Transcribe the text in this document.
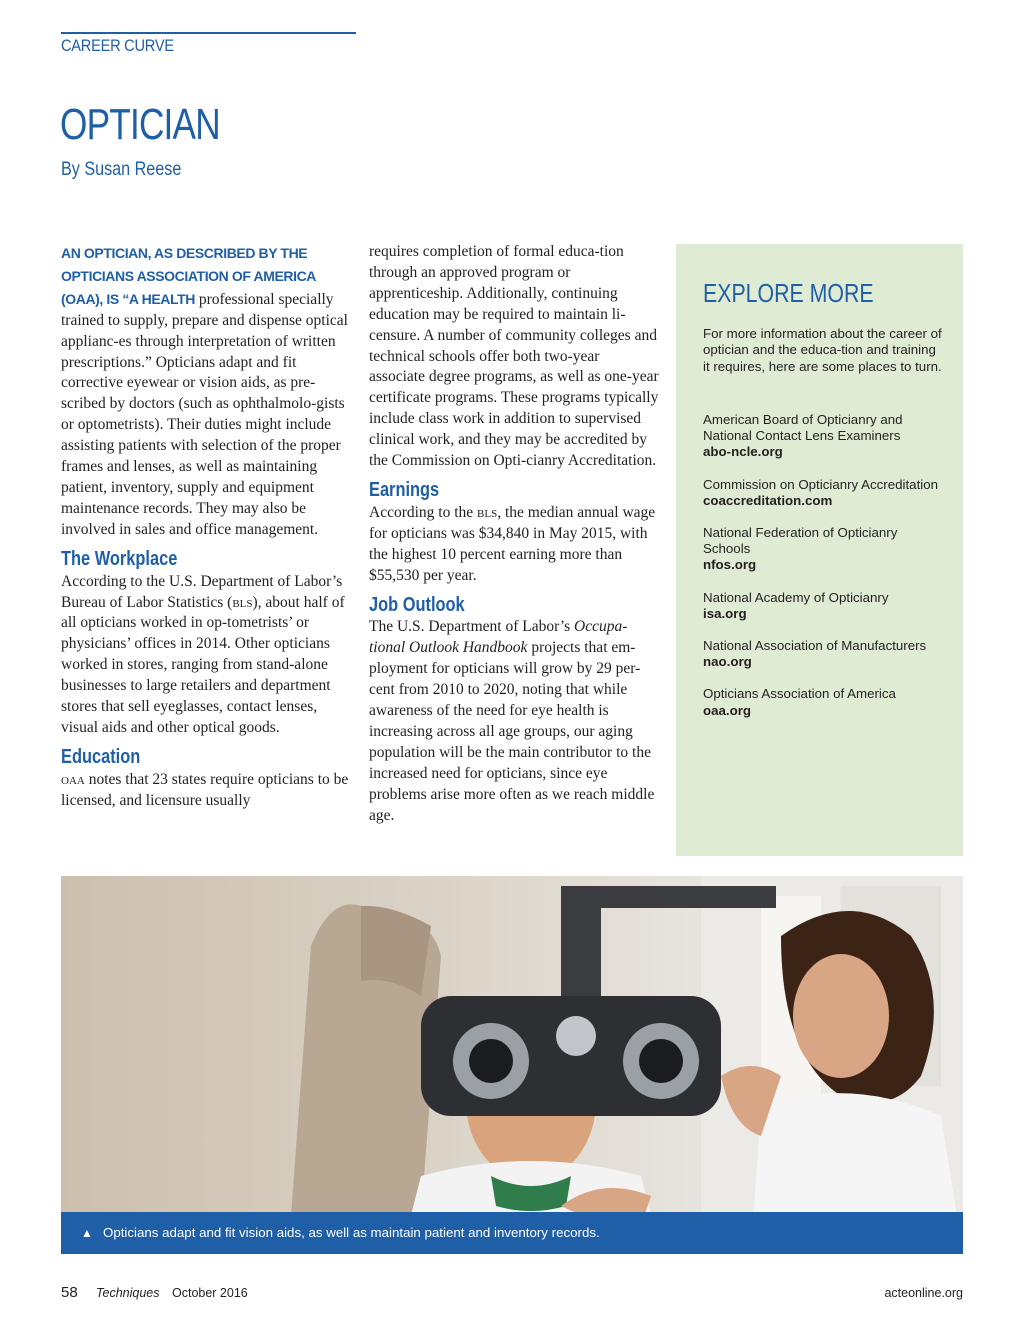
CAREER CURVE
OPTICIAN
By Susan Reese

AN OPTICIAN, AS DESCRIBED BY THE OPTICIANS ASSOCIATION OF AMERICA (OAA), IS “A HEALTH professional specially trained to supply, prepare and dispense optical applianc-es through interpretation of written prescriptions.” Opticians adapt and fit corrective eyewear or vision aids, as pre-scribed by doctors (such as ophthalmolo-gists or optometrists). Their duties might include assisting patients with selection of the proper frames and lenses, as well as maintaining patient, inventory, supply and equipment maintenance records. They may also be involved in sales and office management.

The Workplace

According to the U.S. Department of Labor’s Bureau of Labor Statistics (bls), about half of all opticians worked in op-tometrists’ or physicians’ offices in 2014. Other opticians worked in stores, ranging from stand-alone businesses to large retailers and department stores that sell eyeglasses, contact lenses, visual aids and other optical goods.

Education

oaa notes that 23 states require opticians to be licensed, and licensure usually

requires completion of formal educa-tion through an approved program or apprenticeship. Additionally, continuing education may be required to maintain li-censure. A number of community colleges and technical schools offer both two-year associate degree programs, as well as one-year certificate programs. These programs typically include class work in addition to supervised clinical work, and they may be accredited by the Commission on Opti-cianry Accreditation.

Earnings

According to the bls, the median annual wage for opticians was $34,840 in May 2015, with the highest 10 percent earning more than $55,530 per year.

Job Outlook

The U.S. Department of Labor’s Occupa-tional Outlook Handbook projects that em-ployment for opticians will grow by 29 per-cent from 2010 to 2020, noting that while awareness of the need for eye health is increasing across all age groups, our aging population will be the main contributor to the increased need for opticians, since eye problems arise more often as we reach middle age.

EXPLORE MORE
For more information about the career of optician and the educa-tion and training it requires, here are some places to turn.
American Board of Opticianry and National Contact Lens Examiners
abo-ncle.org
Commission on Opticianry Accreditation
coaccreditation.com
National Federation of Opticianry Schools
nfos.org
National Academy of Opticianry
isa.org
National Association of Manufacturers
nao.org
Opticians Association of America
oaa.org
▲ Opticians adapt and fit vision aids, as well as maintain patient and inventory records.
58 Techniques October 2016	acteonline.org
